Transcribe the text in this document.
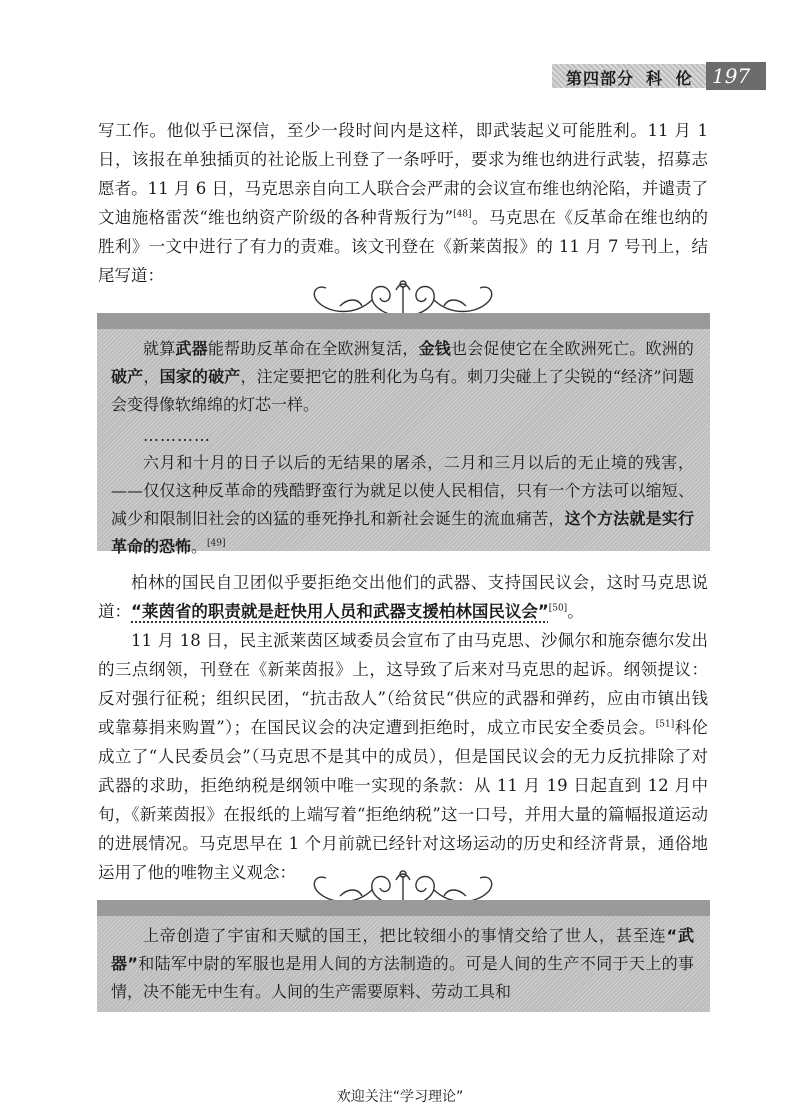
第四部分 科 伦 197

写工作。他似乎已深信，至少一段时间内是这样，即武装起义可能胜利。11 月 1 日，该报在单独插页的社论版上刊登了一条呼吁，要求为维也纳进行武装，招募志愿者。11 月 6 日，马克思亲自向工人联合会严肃的会议宣布维也纳沦陷，并谴责了文迪施格雷茨“维也纳资产阶级的各种背叛行为”[48]。马克思在《反革命在维也纳的胜利》一文中进行了有力的责难。该文刊登在《新莱茵报》的 11 月 7 号刊上，结尾写道：

就算武器能帮助反革命在全欧洲复活，金钱也会促使它在全欧洲死亡。欧洲的破产，国家的破产，注定要把它的胜利化为乌有。刺刀尖碰上了尖锐的“经济”问题会变得像软绵绵的灯芯一样。

…………

六月和十月的日子以后的无结果的屠杀，二月和三月以后的无止境的残害，——仅仅这种反革命的残酷野蛮行为就足以使人民相信，只有一个方法可以缩短、减少和限制旧社会的凶猛的垂死挣扎和新社会诞生的流血痛苦，这个方法就是实行革命的恐怖。[49]

柏林的国民自卫团似乎要拒绝交出他们的武器、支持国民议会，这时马克思说道：“莱茵省的职责就是赶快用人员和武器支援柏林国民议会”[50]。

11 月 18 日，民主派莱茵区域委员会宣布了由马克思、沙佩尔和施奈德尔发出的三点纲领，刊登在《新莱茵报》上，这导致了后来对马克思的起诉。纲领提议：反对强行征税；组织民团，“抗击敌人”（给贫民“供应的武器和弹药，应由市镇出钱或靠募捐来购置”）；在国民议会的决定遭到拒绝时，成立市民安全委员会。[51]科伦成立了“人民委员会”（马克思不是其中的成员），但是国民议会的无力反抗排除了对武器的求助，拒绝纳税是纲领中唯一实现的条款：从 11 月 19 日起直到 12 月中旬，《新莱茵报》在报纸的上端写着“拒绝纳税”这一口号，并用大量的篇幅报道运动的进展情况。马克思早在 1 个月前就已经针对这场运动的历史和经济背景，通俗地运用了他的唯物主义观念：

上帝创造了宇宙和天赋的国王，把比较细小的事情交给了世人，甚至连“武器”和陆军中尉的军服也是用人间的方法制造的。可是人间的生产不同于天上的事情，决不能无中生有。人间的生产需要原料、劳动工具和

欢迎关注“学习理论”
